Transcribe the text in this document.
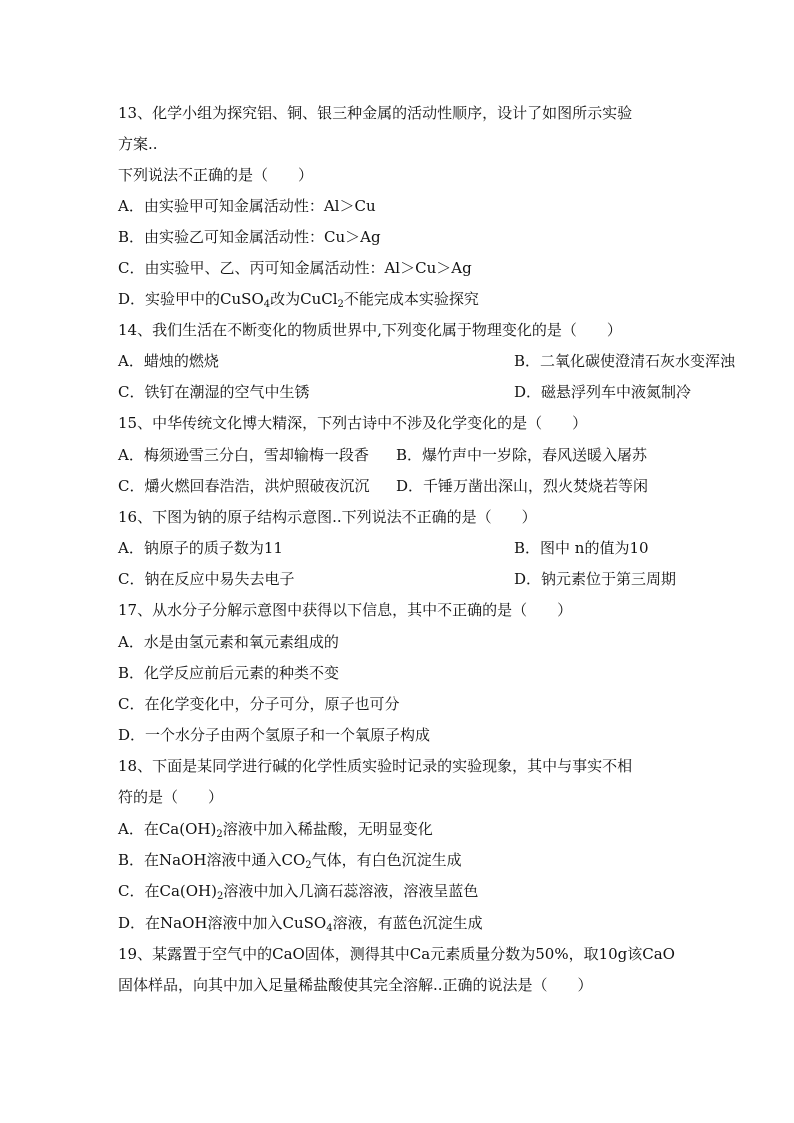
13、化学小组为探究铝、铜、银三种金属的活动性顺序，设计了如图所示实验
方案..
下列说法不正确的是（　　）
A．由实验甲可知金属活动性：Al＞Cu
B．由实验乙可知金属活动性：Cu＞Ag
C．由实验甲、乙、丙可知金属活动性：Al＞Cu＞Ag
D．实验甲中的CuSO$_4$改为CuCl$_2$不能完成本实验探究
14、我们生活在不断变化的物质世界中,下列变化属于物理变化的是（　　）
A．蜡烛的燃烧	B．二氧化碳使澄清石灰水变浑浊
C．铁钉在潮湿的空气中生锈	D．磁悬浮列车中液氮制冷
15、中华传统文化博大精深，下列古诗中不涉及化学变化的是（　　）
A．梅须逊雪三分白，雪却输梅一段香 B．爆竹声中一岁除，春风送暖入屠苏
C．爝火燃回春浩浩，洪炉照破夜沉沉 D．千锤万凿出深山，烈火焚烧若等闲
16、下图为钠的原子结构示意图..下列说法不正确的是（　　）
A．钠原子的质子数为11	B．图中 n的值为10
C．钠在反应中易失去电子	D．钠元素位于第三周期
17、从水分子分解示意图中获得以下信息，其中不正确的是（　　）
A．水是由氢元素和氧元素组成的
B．化学反应前后元素的种类不变
C．在化学变化中，分子可分，原子也可分
D．一个水分子由两个氢原子和一个氧原子构成
18、下面是某同学进行碱的化学性质实验时记录的实验现象，其中与事实不相
符的是（　　）
A．在$Ca(OH)_2$溶液中加入稀盐酸，无明显变化
B．在NaOH溶液中通入$CO_2$气体，有白色沉淀生成
C．在$Ca(OH)_2$溶液中加入几滴石蕊溶液，溶液呈蓝色
D．在NaOH溶液中加入CuSO$_4$溶液，有蓝色沉淀生成
19、某露置于空气中的CaO固体，测得其中Ca元素质量分数为50%，取10g该CaO
固体样品，向其中加入足量稀盐酸使其完全溶解..正确的说法是（　　）
